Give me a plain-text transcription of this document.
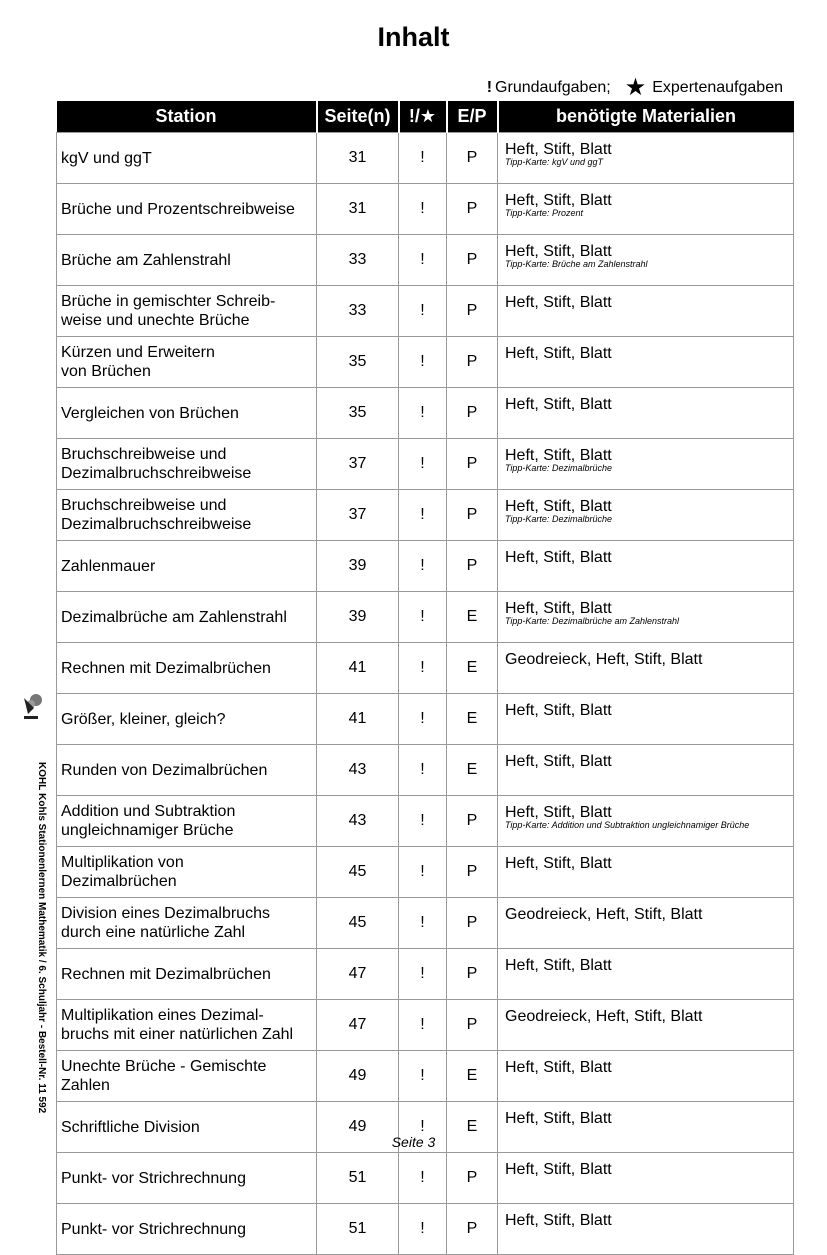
Inhalt
! Grundaufgaben; ★ Expertenaufgaben
Station	Seite(n)	!/★	E/P	benötigte Materialien
kgV und ggT	31	!	P	Heft, Stift, Blatt
Tipp-Karte: kgV und ggT

Brüche und Prozentschreibweise	31	!	P	Heft, Stift, Blatt
Tipp-Karte: Prozent

Brüche am Zahlenstrahl	33	!	P	Heft, Stift, Blatt
Tipp-Karte: Brüche am Zahlenstrahl

Brüche in gemischter Schreib-
weise und unechte Brüche	33	!	P	Heft, Stift, Blatt
Kürzen und Erweitern
von Brüchen	35	!	P	Heft, Stift, Blatt
Vergleichen von Brüchen	35	!	P	Heft, Stift, Blatt
Bruchschreibweise und
Dezimalbruchschreibweise	37	!	P	Heft, Stift, Blatt
Tipp-Karte: Dezimalbrüche

Bruchschreibweise und
Dezimalbruchschreibweise	37	!	P	Heft, Stift, Blatt
Tipp-Karte: Dezimalbrüche

Zahlenmauer	39	!	P	Heft, Stift, Blatt
Dezimalbrüche am Zahlenstrahl	39	!	E	Heft, Stift, Blatt
Tipp-Karte: Dezimalbrüche am Zahlenstrahl

Rechnen mit Dezimalbrüchen	41	!	E	Geodreieck, Heft, Stift, Blatt
Größer, kleiner, gleich?	41	!	E	Heft, Stift, Blatt
Runden von Dezimalbrüchen	43	!	E	Heft, Stift, Blatt
Addition und Subtraktion
ungleichnamiger Brüche	43	!	P	Heft, Stift, Blatt
Tipp-Karte: Addition und Subtraktion ungleichnamiger Brüche

Multiplikation von
Dezimalbrüchen	45	!	P	Heft, Stift, Blatt
Division eines Dezimalbruchs
durch eine natürliche Zahl	45	!	P	Geodreieck, Heft, Stift, Blatt
Rechnen mit Dezimalbrüchen	47	!	P	Heft, Stift, Blatt
Multiplikation eines Dezimal-
bruchs mit einer natürlichen Zahl	47	!	P	Geodreieck, Heft, Stift, Blatt
Unechte Brüche - Gemischte
Zahlen	49	!	E	Heft, Stift, Blatt
Schriftliche Division	49	!	E	Heft, Stift, Blatt
Punkt- vor Strichrechnung	51	!	P	Heft, Stift, Blatt
Punkt- vor Strichrechnung	51	!	P	Heft, Stift, Blatt
KOHL Kohls Stationenlernen Mathematik / 6. Schuljahr - Bestell-Nr. 11 592
Seite 3
